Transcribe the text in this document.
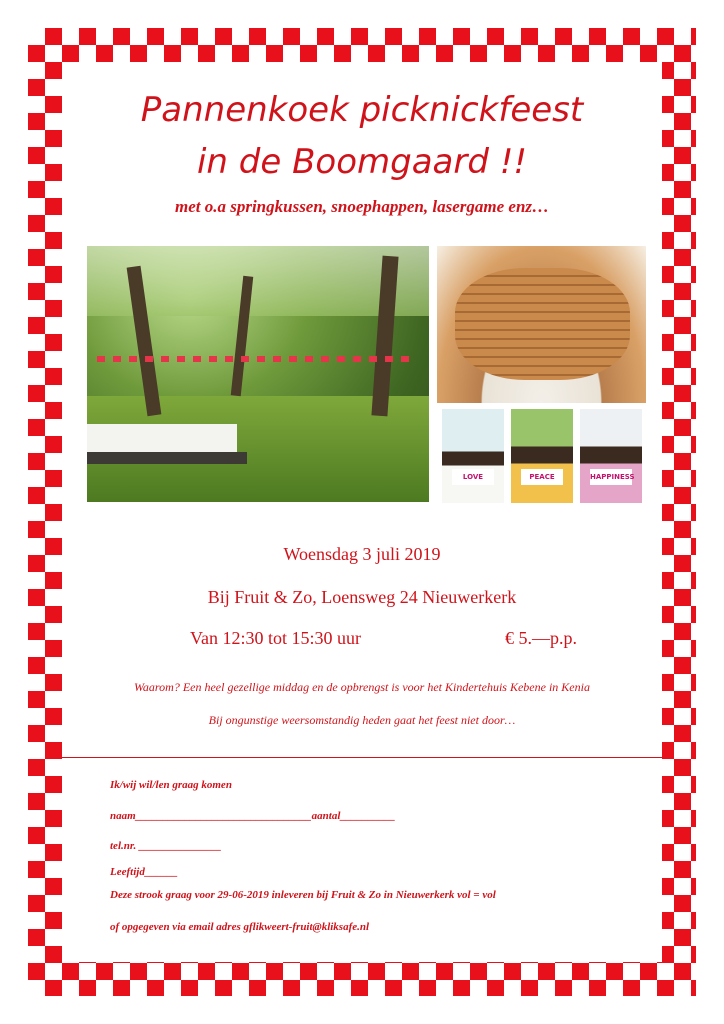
Pannenkoek picknickfeest
in de Boomgaard !!
met o.a springkussen, snoephappen, lasergame enz…
LOVE	PEACE	HAPPINESS
Woensdag 3 juli 2019
Bij Fruit & Zo, Loensweg 24 Nieuwerkerk
Van 12:30 tot 15:30 uur	€ 5.—p.p.
Waarom? Een heel gezellige middag en de opbrengst is voor het Kindertehuis Kebene in Kenia
Bij ongunstige weersomstandig heden gaat het feest niet door…
Ik/wij wil/len graag komen
naam________________________________aantal__________
tel.nr. _______________
Leeftijd______
Deze strook graag voor 29-06-2019 inleveren bij Fruit & Zo in Nieuwerkerk vol = vol
of opgegeven via email adres gflikweert-fruit@kliksafe.nl
